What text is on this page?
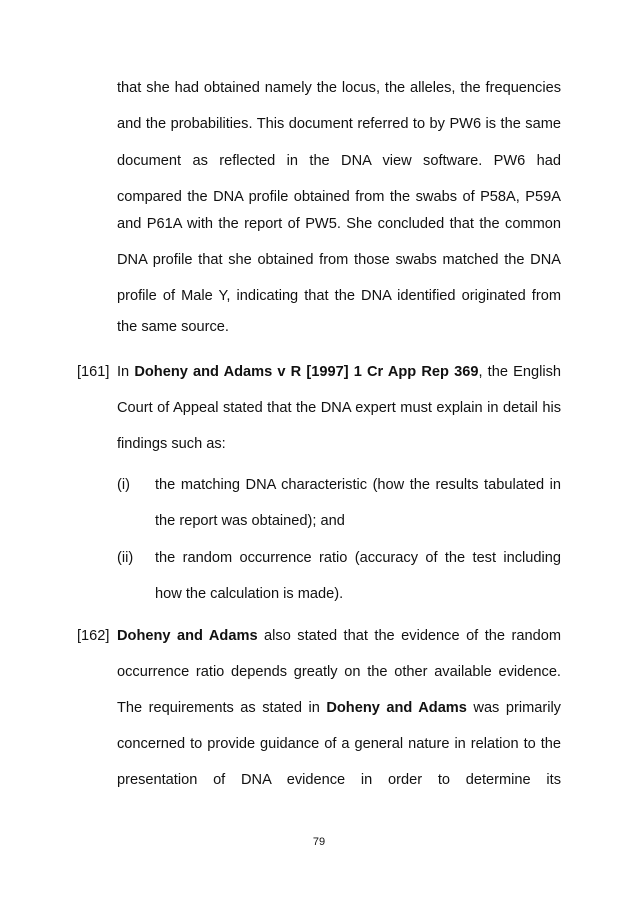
that she had obtained namely the locus, the alleles, the frequencies
and the probabilities. This document referred to by PW6 is the same
document as reflected in the DNA view software. PW6 had
compared the DNA profile obtained from the swabs of P58A, P59A
and P61A with the report of PW5. She concluded that the common
DNA profile that she obtained from those swabs matched the DNA
profile of Male Y, indicating that the DNA identified originated from
the same source.
[161] In Doheny and Adams v R [1997] 1 Cr App Rep 369, the English
Court of Appeal stated that the DNA expert must explain in detail his
findings such as:
(i) the matching DNA characteristic (how the results tabulated in
the report was obtained); and
(ii) the random occurrence ratio (accuracy of the test including
how the calculation is made).
[162] Doheny and Adams also stated that the evidence of the random
occurrence ratio depends greatly on the other available evidence.
The requirements as stated in Doheny and Adams was primarily
concerned to provide guidance of a general nature in relation to the
presentation of DNA evidence in order to determine its
79
